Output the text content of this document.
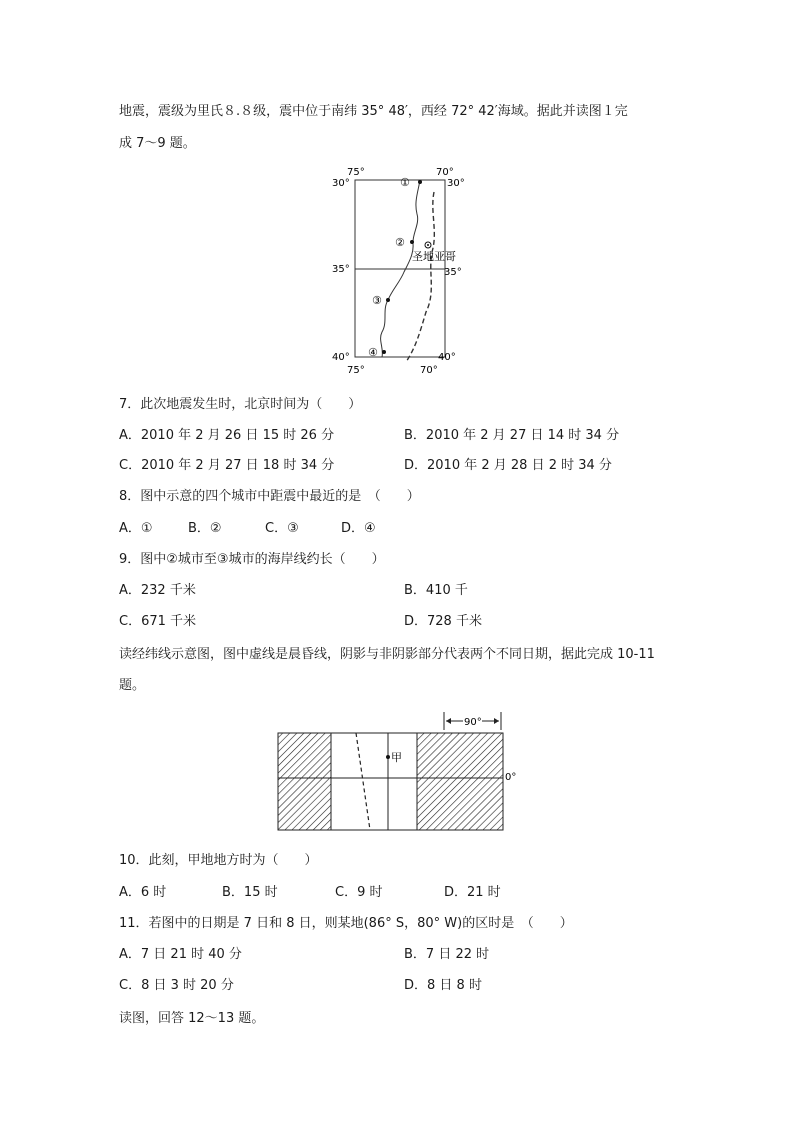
地震，震级为里氏８.８级，震中位于南纬 35° 48′，西经 72° 42′海域。据此并读图１完
成 7～9 题。
75°	70°
75°	70°
30°	30°
35°	35°
40°	40°
①
②
③
④
圣地亚哥
7．此次地震发生时，北京时间为（　　）
A．2010 年 2 月 26 日 15 时 26 分	B．2010 年 2 月 27 日 14 时 34 分
C．2010 年 2 月 27 日 18 时 34 分	D．2010 年 2 月 28 日 2 时 34 分
8．图中示意的四个城市中距震中最近的是　（　　）
A．①	B．②	C．③	D．④
9．图中②城市至③城市的海岸线约长（　　）
A．232 千米	B．410 千
C．671 千米	D．728 千米
读经纬线示意图，图中虚线是晨昏线，阴影与非阴影部分代表两个不同日期，据此完成 10-11
题。
甲
90°
0°
10．此刻，甲地地方时为（　　）
A．6 时	B．15 时	C．9 时	D．21 时
11．若图中的日期是 7 日和 8 日，则某地(86° S，80° W)的区时是　（　　）
A．7 日 21 时 40 分	B．7 日 22 时
C．8 日 3 时 20 分	D．8 日 8 时
读图，回答 12～13 题。
